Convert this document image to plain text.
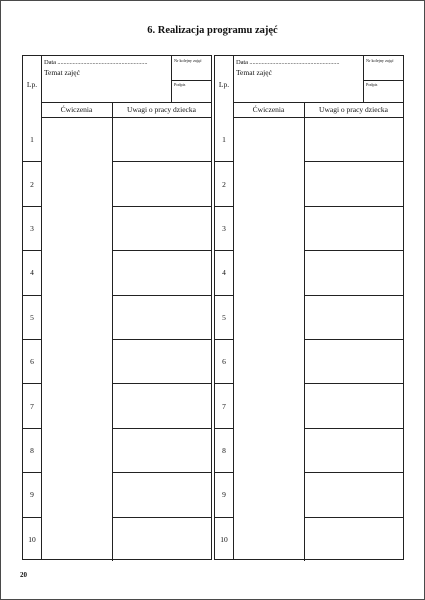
6. Realizacja programu zajęć
Lp.
Data ...........................................................
Temat zajęć
Nr kolejny zajęć
Podpis
Ćwiczenia	Uwagi o pracy dziecka
1
2
3
4
5
6
7
8
9
10
Lp.
Data ...........................................................
Temat zajęć
Nr kolejny zajęć
Podpis
Ćwiczenia	Uwagi o pracy dziecka
1
2
3
4
5
6
7
8
9
10
20
